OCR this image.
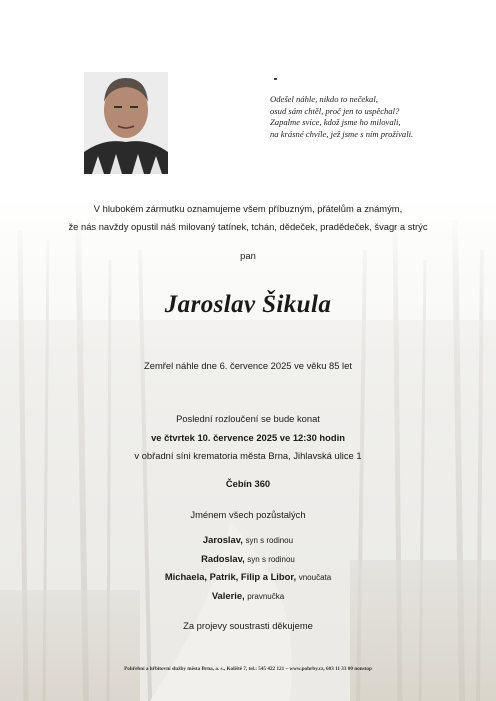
Odešel náhle, nikdo to nečekal,
osud sám chtěl, proč jen to uspěchal?
Zapalme svíce, kdož jsme ho milovali,
na krásné chvíle, jež jsme s ním prožívali.
V hlubokém zármutku oznamujeme všem příbuzným, přátelům a známým,
že nás navždy opustil náš milovaný tatínek, tchán, dědeček, pradědeček, švagr a strýc
pan
Jaroslav Šikula
Zemřel náhle dne 6. července 2025 ve věku 85 let
Poslední rozloučení se bude konat
ve čtvrtek 10. července 2025 ve 12:30 hodin
v obřadní síni krematoria města Brna, Jihlavská ulice 1
Čebín 360
Jménem všech pozůstalých
Jaroslav, syn s rodinou
Radoslav, syn s rodinou
Michaela, Patrik, Filip a Libor, vnoučata
Valerie, pravnučka
Za projevy soustrasti děkujeme
Pohřební a hřbitovní služby města Brna, a. s., Kolíště 7, tel.: 545 422 121 – www.pohrby.cz, 603 11 33 00 nonstop
